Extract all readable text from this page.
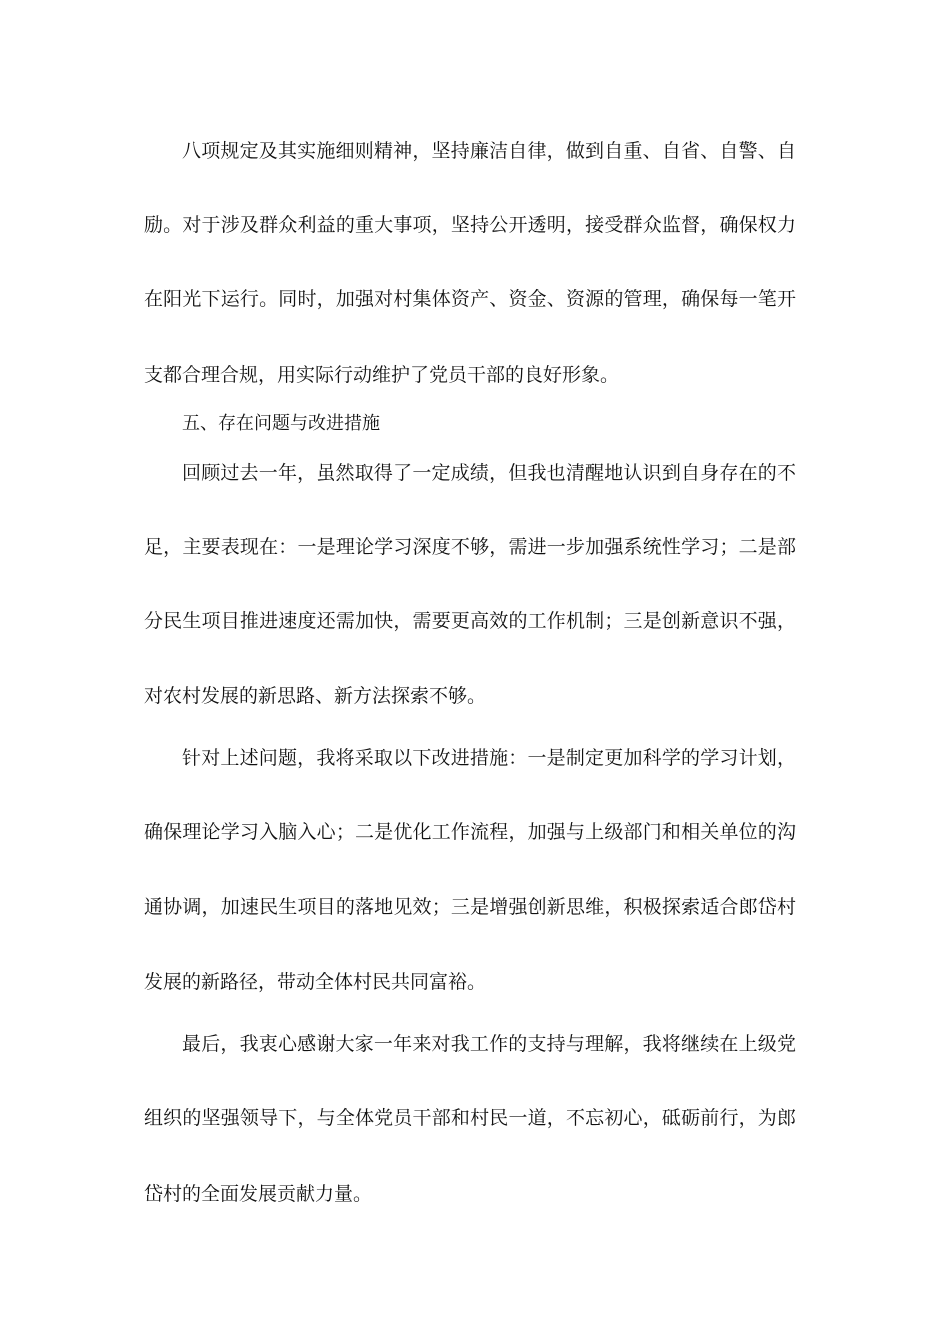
八项规定及其实施细则精神，坚持廉洁自律，做到自重、自省、自警、自
励。对于涉及群众利益的重大事项，坚持公开透明，接受群众监督，确保权力
在阳光下运行。同时，加强对村集体资产、资金、资源的管理，确保每一笔开
支都合理合规，用实际行动维护了党员干部的良好形象。
五、存在问题与改进措施
回顾过去一年，虽然取得了一定成绩，但我也清醒地认识到自身存在的不
足，主要表现在：一是理论学习深度不够，需进一步加强系统性学习；二是部
分民生项目推进速度还需加快，需要更高效的工作机制；三是创新意识不强，
对农村发展的新思路、新方法探索不够。
针对上述问题，我将采取以下改进措施：一是制定更加科学的学习计划，
确保理论学习入脑入心；二是优化工作流程，加强与上级部门和相关单位的沟
通协调，加速民生项目的落地见效；三是增强创新思维，积极探索适合郎岱村
发展的新路径，带动全体村民共同富裕。
最后，我衷心感谢大家一年来对我工作的支持与理解，我将继续在上级党
组织的坚强领导下，与全体党员干部和村民一道，不忘初心，砥砺前行，为郎
岱村的全面发展贡献力量。
